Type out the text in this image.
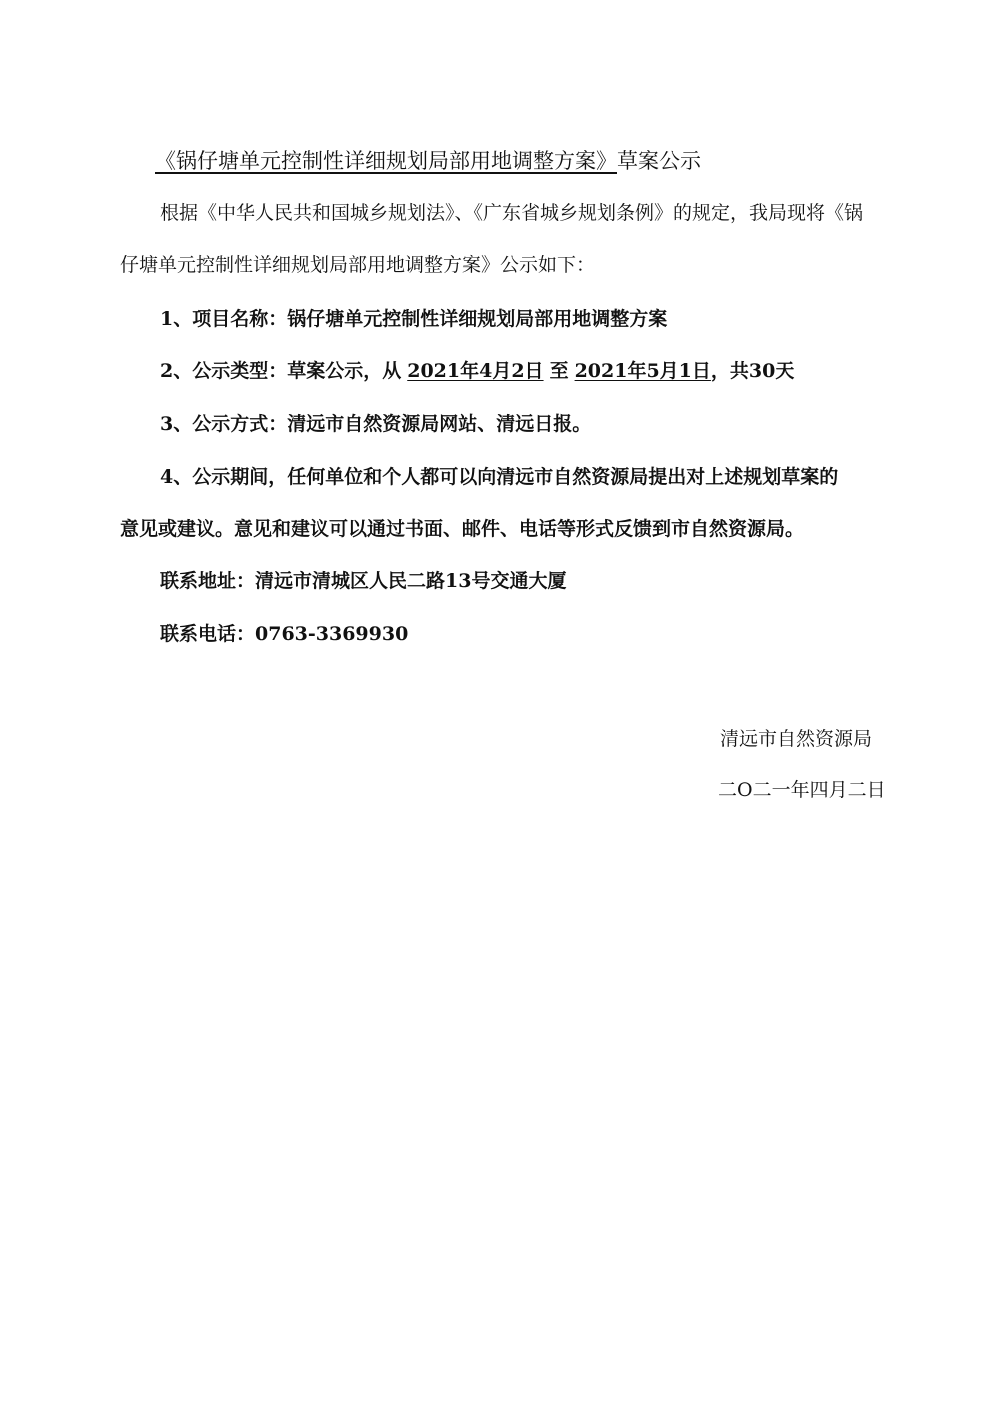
《锅仔塘单元控制性详细规划局部用地调整方案》草案公示
根据《中华人民共和国城乡规划法》、《广东省城乡规划条例》的规定，我局现将《锅
仔塘单元控制性详细规划局部用地调整方案》公示如下：
1、项目名称：锅仔塘单元控制性详细规划局部用地调整方案
2、公示类型：草案公示，从 2021年4月2日 至 2021年5月1日，共30天
3、公示方式：清远市自然资源局网站、清远日报。
4、公示期间，任何单位和个人都可以向清远市自然资源局提出对上述规划草案的
意见或建议。意见和建议可以通过书面、邮件、电话等形式反馈到市自然资源局。
联系地址：清远市清城区人民二路13号交通大厦
联系电话：0763-3369930
清远市自然资源局
二O二一年四月二日
